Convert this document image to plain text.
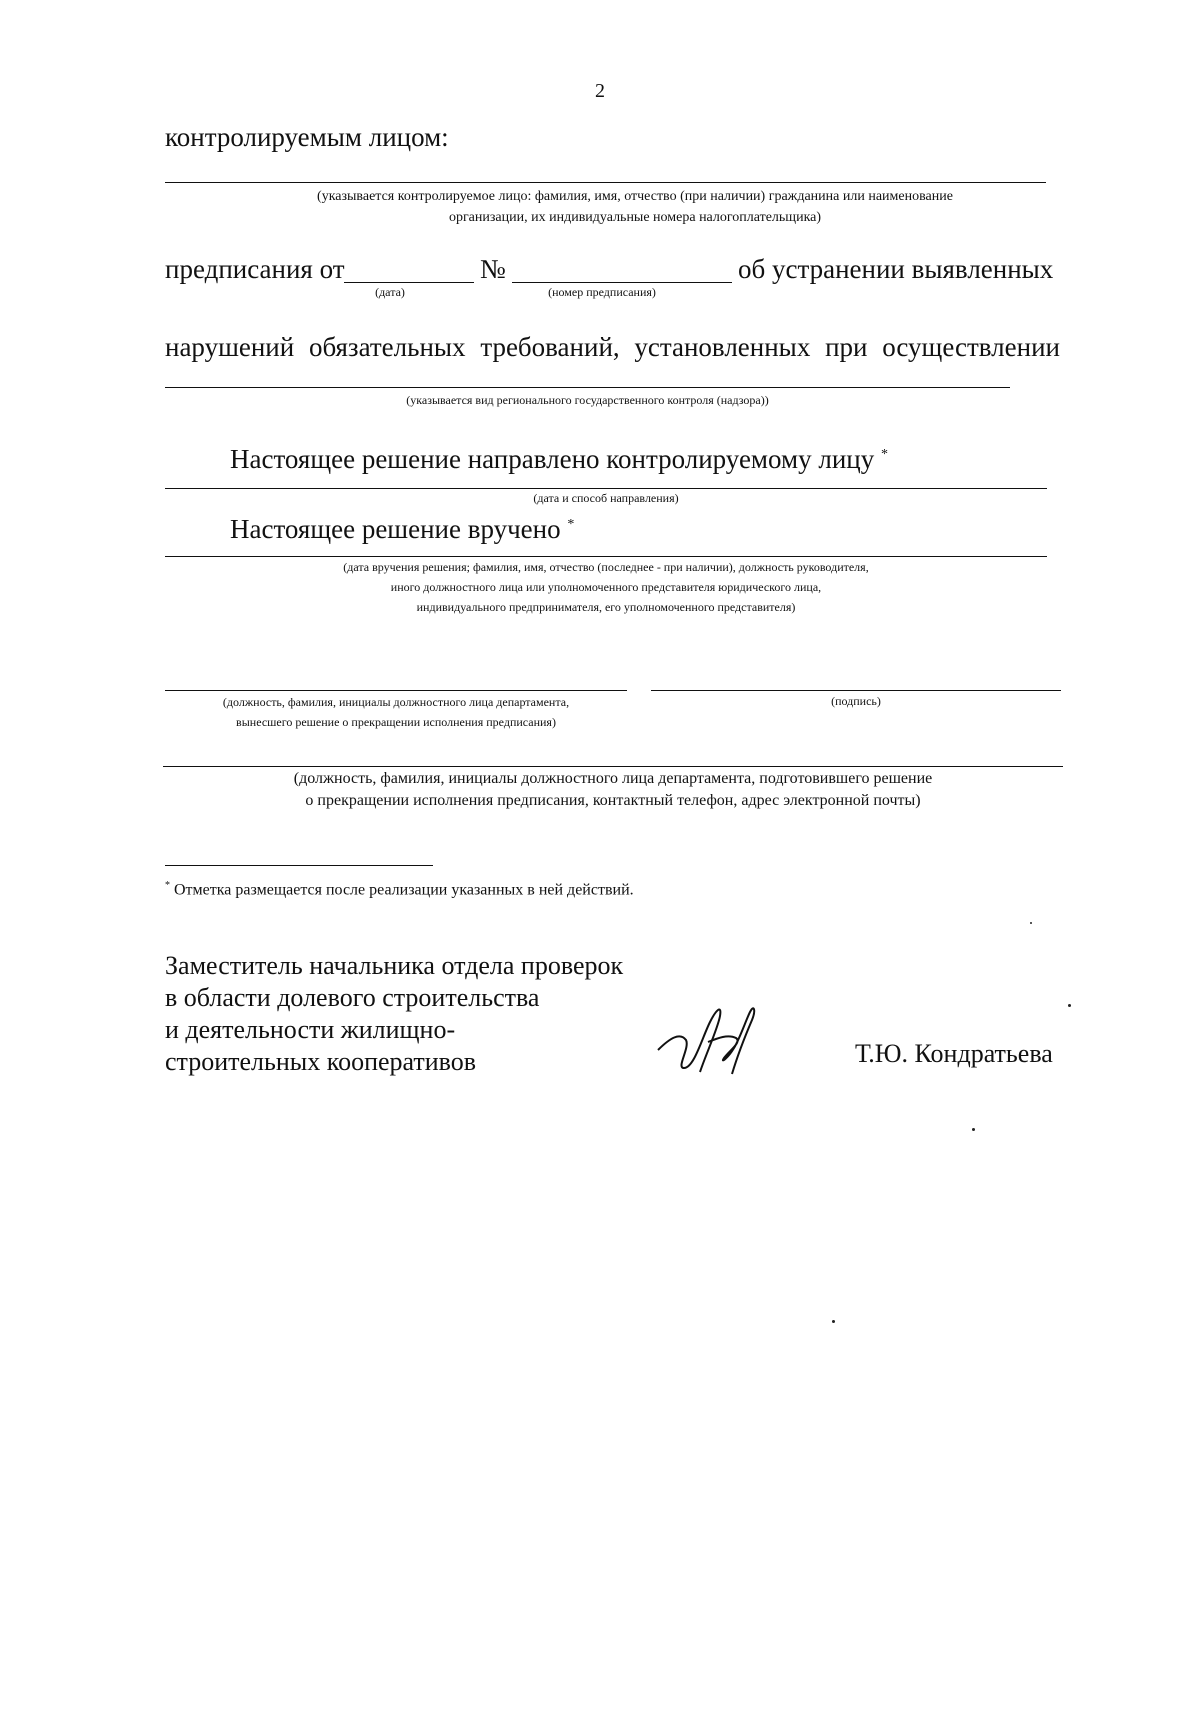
2
контролируемым лицом:
(указывается контролируемое лицо: фамилия, имя, отчество (при наличии) гражданина или наименование
организации, их индивидуальные номера налогоплательщика)
предписания от
(дата)
№
(номер предписания)
об устранении выявленных
нарушений обязательных требований, установленных при осуществлении
(указывается вид регионального государственного контроля (надзора))
Настоящее решение направлено контролируемому лицу *
(дата и способ направления)
Настоящее решение вручено *
(дата вручения решения; фамилия, имя, отчество (последнее - при наличии), должность руководителя,
иного должностного лица или уполномоченного представителя юридического лица,
индивидуального предпринимателя, его уполномоченного представителя)
(должность, фамилия, инициалы должностного лица департамента,
вынесшего решение о прекращении исполнения предписания)
(подпись)
(должность, фамилия, инициалы должностного лица департамента, подготовившего решение
о прекращении исполнения предписания, контактный телефон, адрес электронной почты)
* Отметка размещается после реализации указанных в ней действий.
Заместитель начальника отдела проверок
в области долевого строительства
и деятельности жилищно-
строительных кооперативов	Т.Ю. Кондратьева
